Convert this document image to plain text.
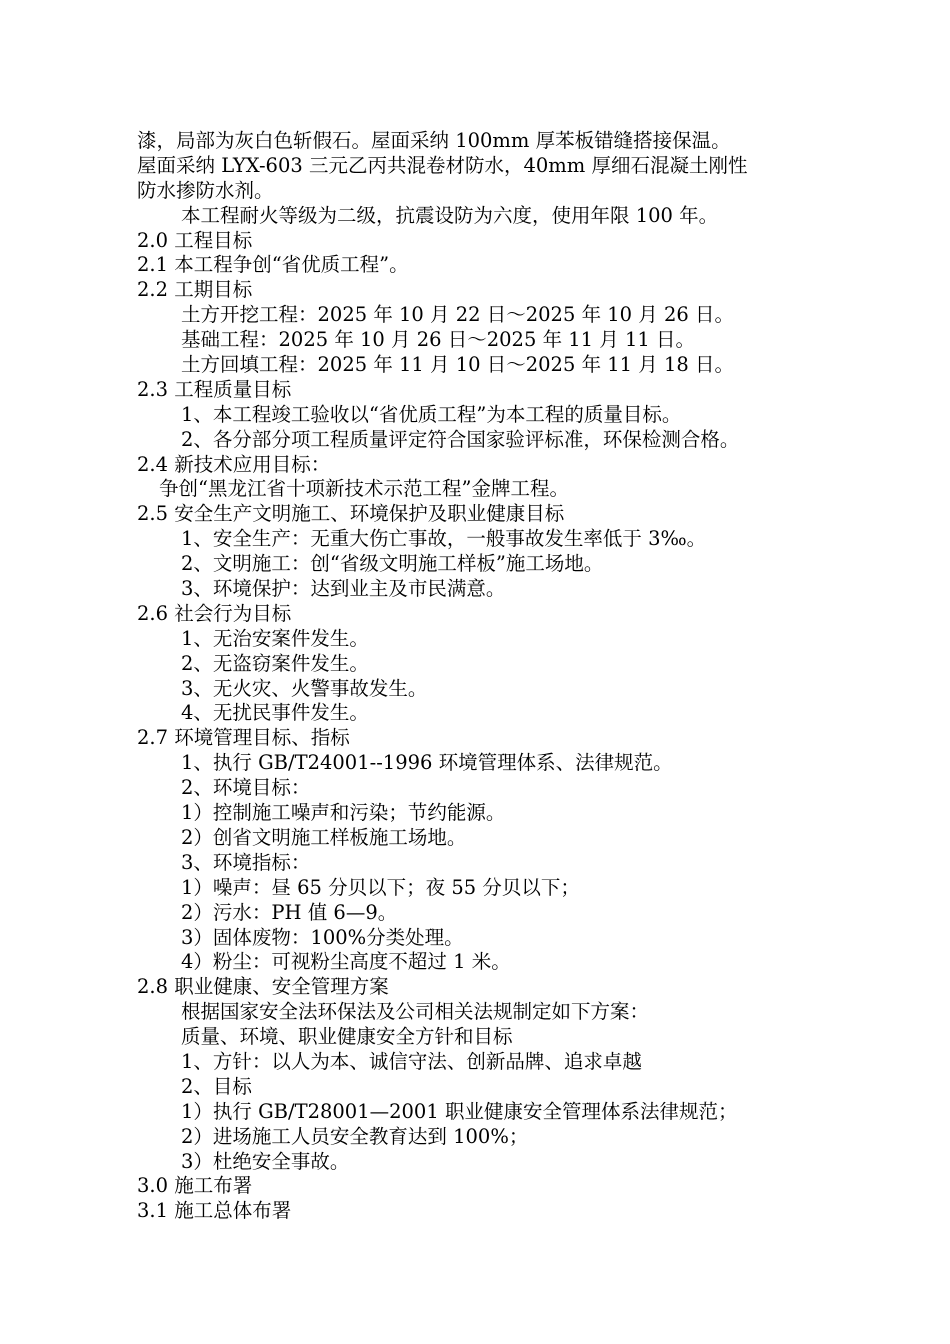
漆，局部为灰白色斩假石。屋面采纳 100mm 厚苯板错缝搭接保温。
屋面采纳 LYX-603 三元乙丙共混卷材防水，40mm 厚细石混凝土刚性
防水掺防水剂。
本工程耐火等级为二级，抗震设防为六度，使用年限 100 年。
2.0 工程目标
2.1 本工程争创“省优质工程”。
2.2 工期目标
土方开挖工程：2025 年 10 月 22 日～2025 年 10 月 26 日。
基础工程：2025 年 10 月 26 日～2025 年 11 月 11 日。
土方回填工程：2025 年 11 月 10 日～2025 年 11 月 18 日。
2.3 工程质量目标
1、本工程竣工验收以“省优质工程”为本工程的质量目标。
2、各分部分项工程质量评定符合国家验评标准，环保检测合格。
2.4 新技术应用目标：
争创“黑龙江省十项新技术示范工程”金牌工程。
2.5 安全生产文明施工、环境保护及职业健康目标
1、安全生产：无重大伤亡事故，一般事故发生率低于 3‰。
2、文明施工：创“省级文明施工样板”施工场地。
3、环境保护：达到业主及市民满意。
2.6 社会行为目标
1、无治安案件发生。
2、无盗窃案件发生。
3、无火灾、火警事故发生。
4、无扰民事件发生。
2.7 环境管理目标、指标
1、执行 GB/T24001--1996 环境管理体系、法律规范。
2、环境目标：
1）控制施工噪声和污染；节约能源。
2）创省文明施工样板施工场地。
3、环境指标：
1）噪声：昼 65 分贝以下；夜 55 分贝以下；
2）污水：PH 值 6—9。
3）固体废物：100%分类处理。
4）粉尘：可视粉尘高度不超过 1 米。
2.8 职业健康、安全管理方案
根据国家安全法环保法及公司相关法规制定如下方案：
质量、环境、职业健康安全方针和目标
1、方针：以人为本、诚信守法、创新品牌、追求卓越
2、目标
1）执行 GB/T28001—2001 职业健康安全管理体系法律规范；
2）进场施工人员安全教育达到 100%；
3）杜绝安全事故。
3.0 施工布署
3.1 施工总体布署
